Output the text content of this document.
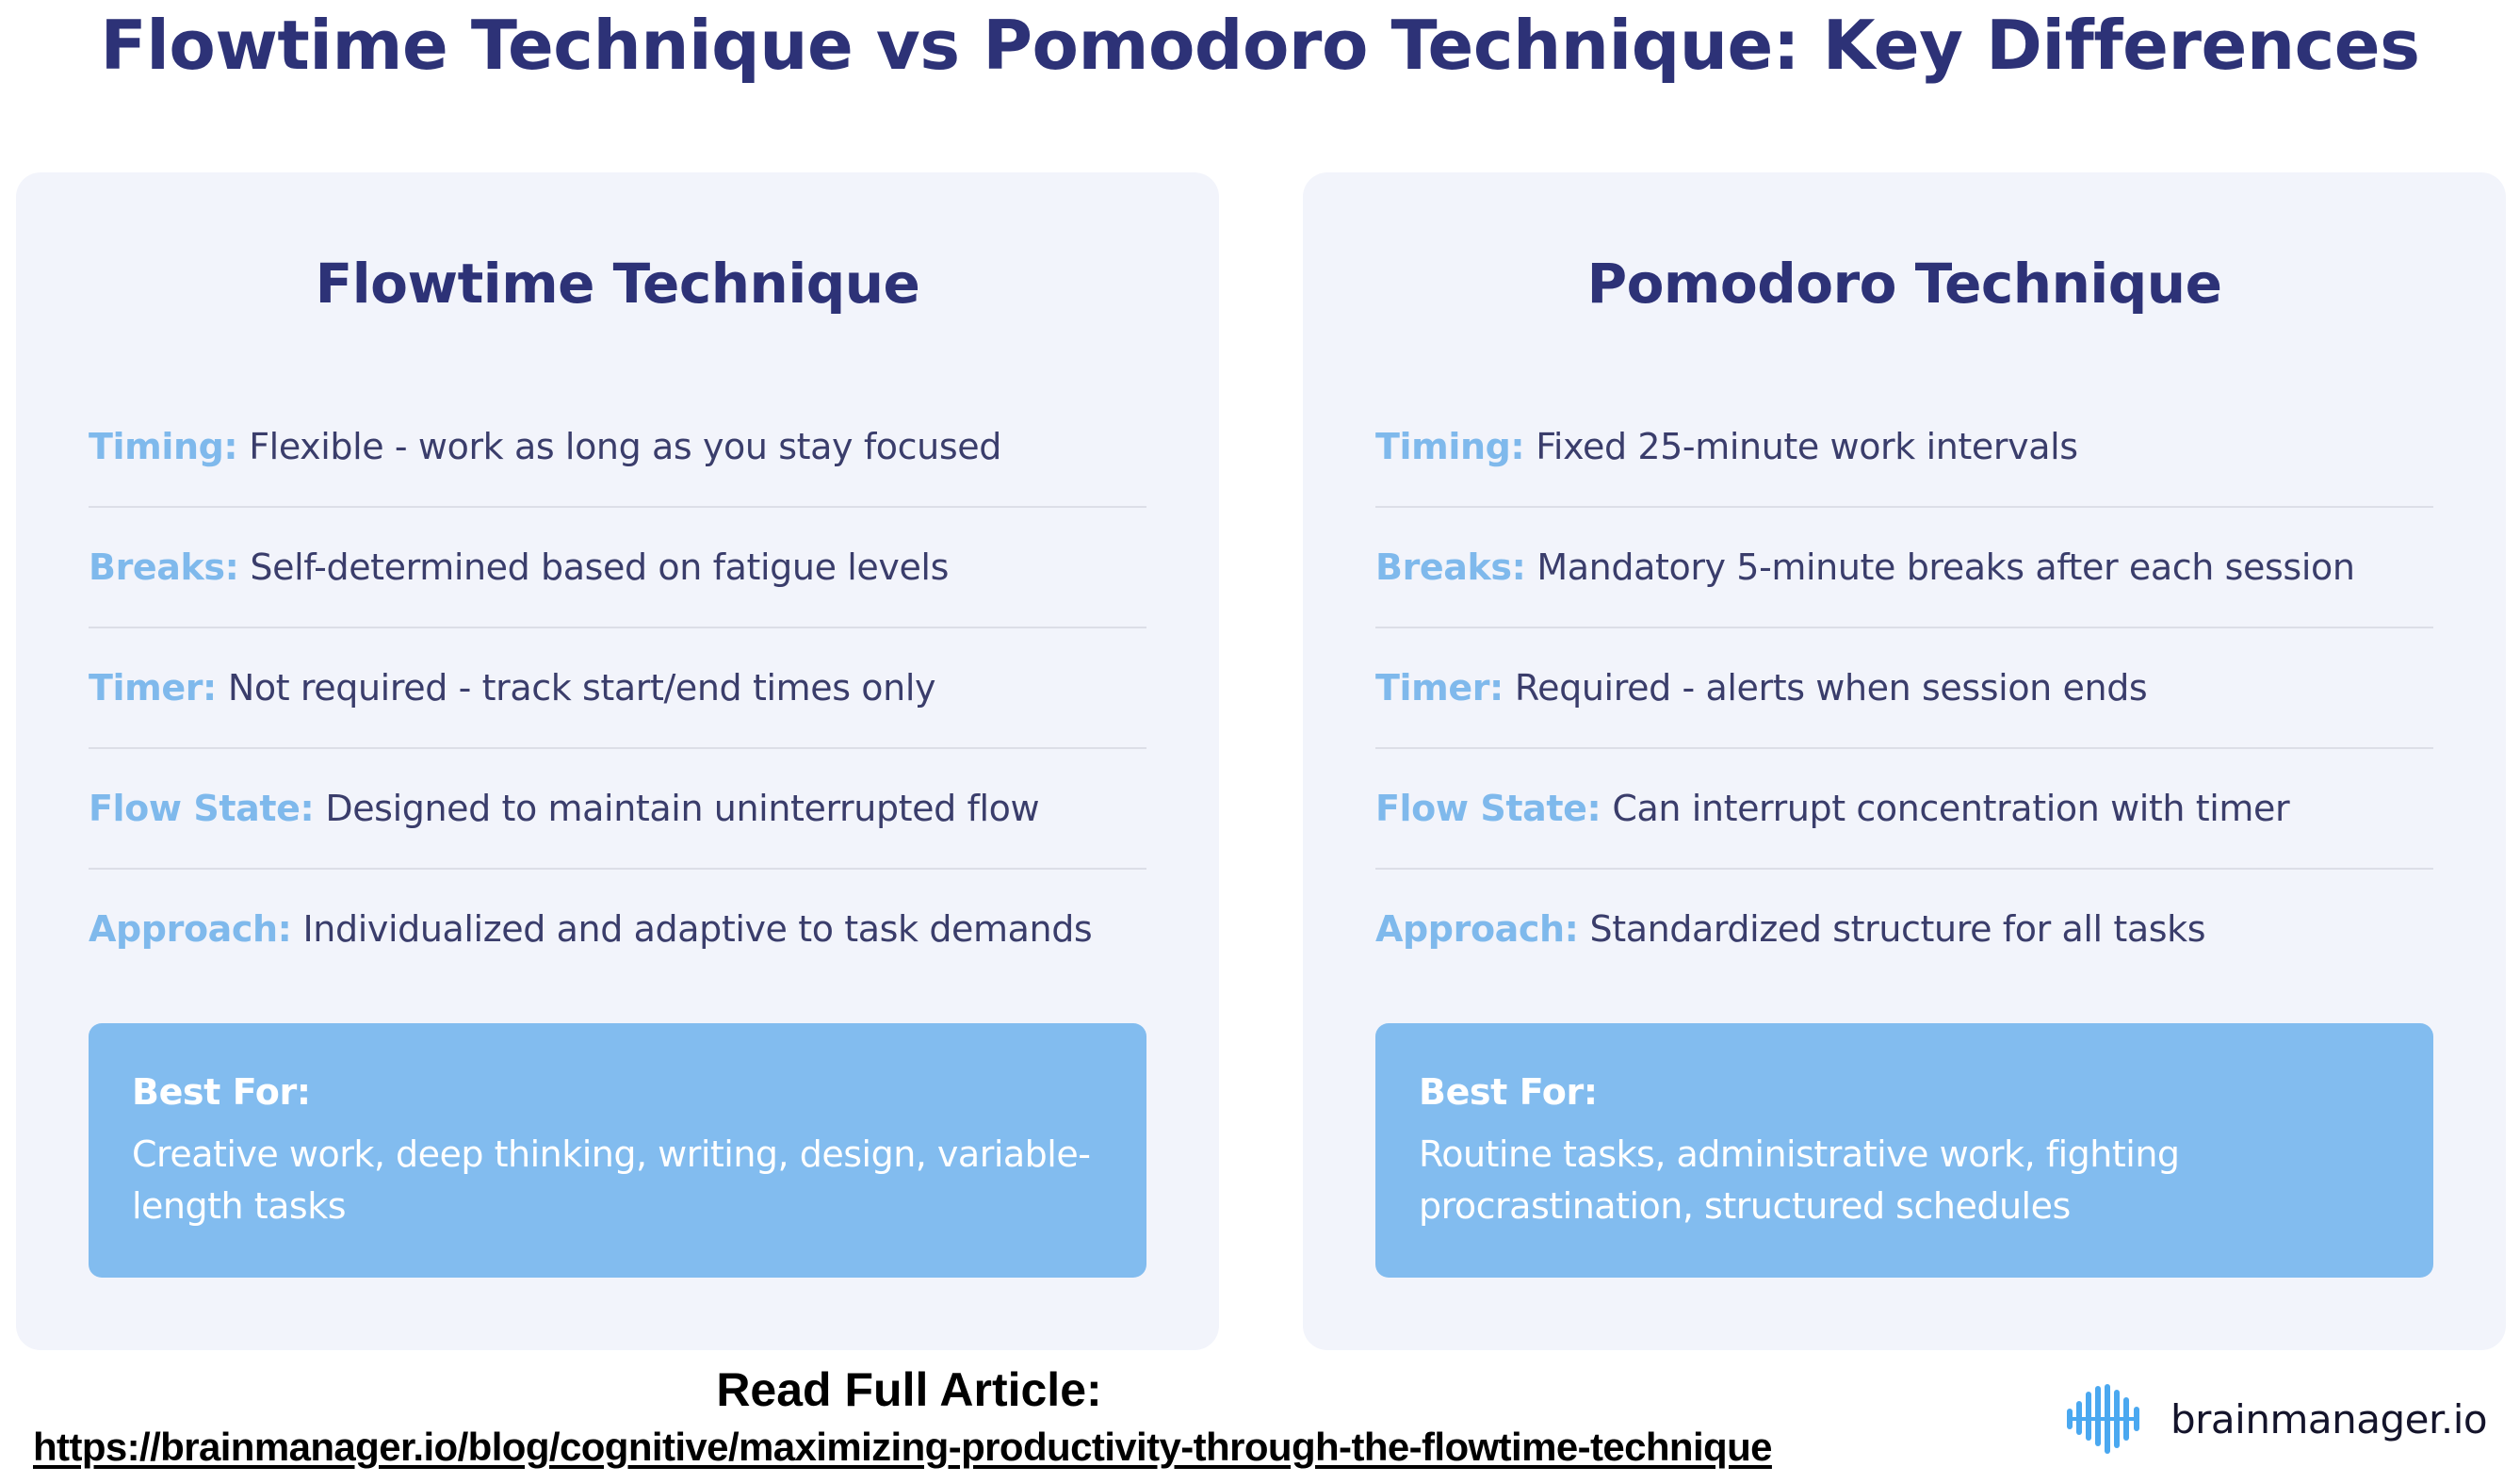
Flowtime Technique vs Pomodoro Technique: Key Differences
Flowtime Technique
Timing: Flexible - work as long as you stay focused
Breaks: Self-determined based on fatigue levels
Timer: Not required - track start/end times only
Flow State: Designed to maintain uninterrupted flow
Approach: Individualized and adaptive to task demands

Best For:

Creative work, deep thinking, writing, design, variable-length tasks

Pomodoro Technique
Timing: Fixed 25-minute work intervals
Breaks: Mandatory 5-minute breaks after each session
Timer: Required - alerts when session ends
Flow State: Can interrupt concentration with timer
Approach: Standardized structure for all tasks

Best For:

Routine tasks, administrative work, fighting procrastination, structured schedules

Read Full Article:
https://brainmanager.io/blog/cognitive/maximizing-productivity-through-the-flowtime-technique
brainmanager.io
